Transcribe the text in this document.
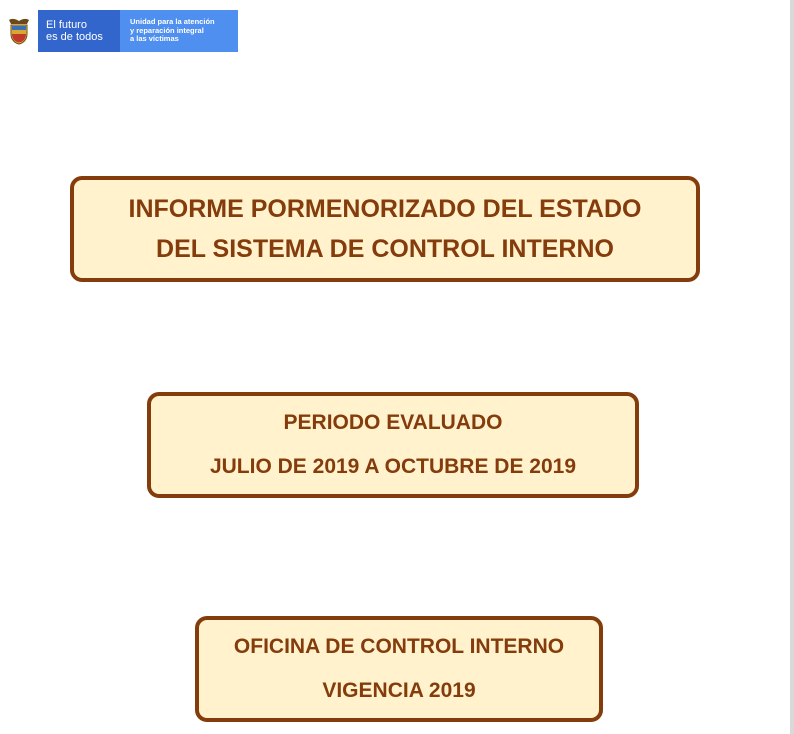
El futuro
es de todos
Unidad para la atención
y reparación integral
a las víctimas
INFORME PORMENORIZADO DEL ESTADO
DEL SISTEMA DE CONTROL INTERNO
PERIODO EVALUADO
JULIO DE 2019 A OCTUBRE DE 2019
OFICINA DE CONTROL INTERNO
VIGENCIA 2019
